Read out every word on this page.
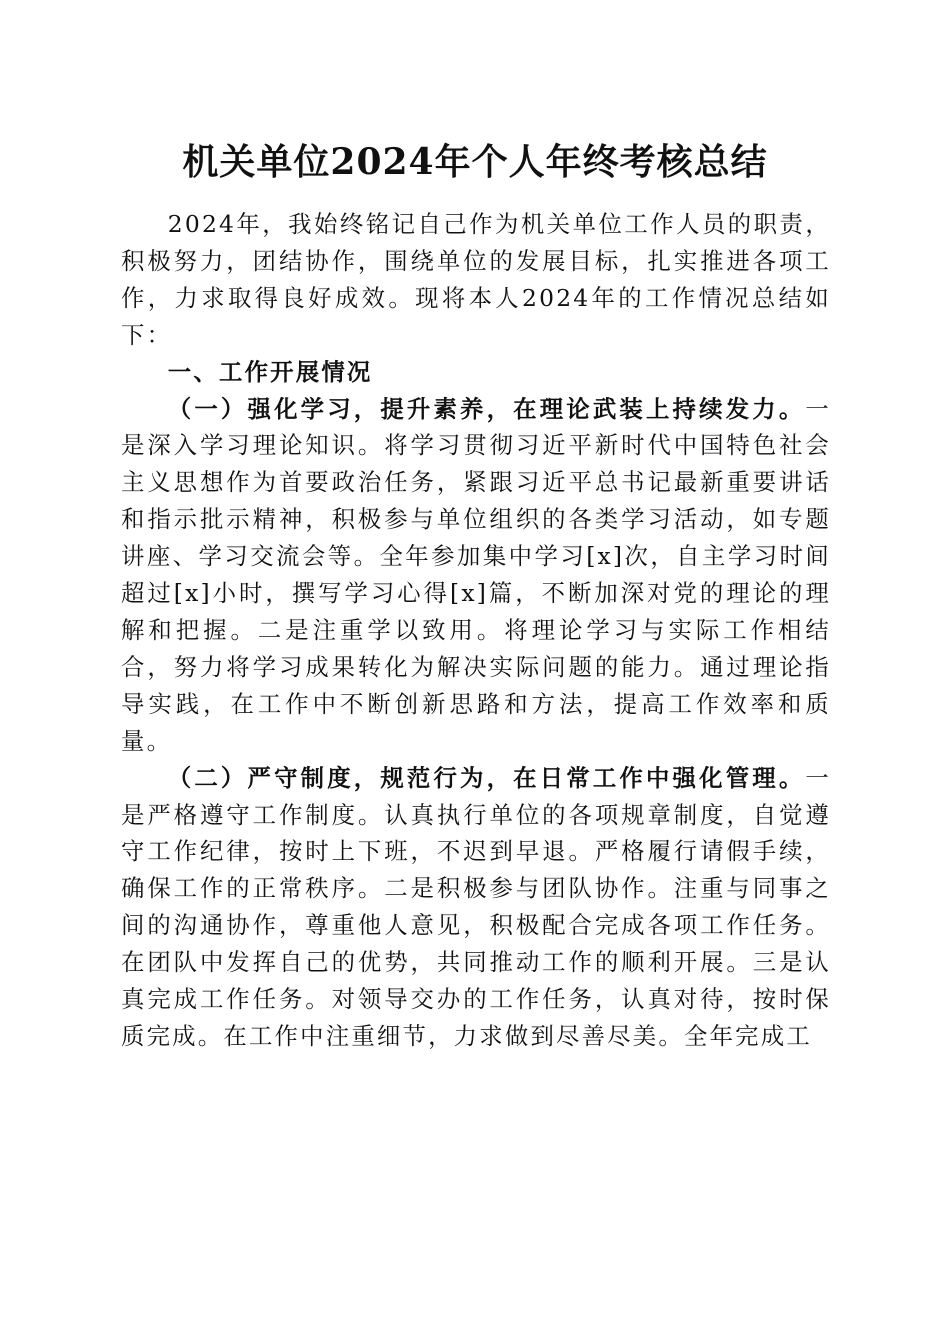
机关单位2024年个人年终考核总结

2024年，我始终铭记自己作为机关单位工作人员的职责，积极努力，团结协作，围绕单位的发展目标，扎实推进各项工作，力求取得良好成效。现将本人2024年的工作情况总结如下：

一、工作开展情况

（一）强化学习，提升素养，在理论武装上持续发力。一是深入学习理论知识。将学习贯彻习近平新时代中国特色社会主义思想作为首要政治任务，紧跟习近平总书记最新重要讲话和指示批示精神，积极参与单位组织的各类学习活动，如专题讲座、学习交流会等。全年参加集中学习[x]次，自主学习时间超过[x]小时，撰写学习心得[x]篇，不断加深对党的理论的理解和把握。二是注重学以致用。将理论学习与实际工作相结合，努力将学习成果转化为解决实际问题的能力。通过理论指导实践，在工作中不断创新思路和方法，提高工作效率和质量。

（二）严守制度，规范行为，在日常工作中强化管理。一是严格遵守工作制度。认真执行单位的各项规章制度，自觉遵守工作纪律，按时上下班，不迟到早退。严格履行请假手续，确保工作的正常秩序。二是积极参与团队协作。注重与同事之间的沟通协作，尊重他人意见，积极配合完成各项工作任务。在团队中发挥自己的优势，共同推动工作的顺利开展。三是认真完成工作任务。对领导交办的工作任务，认真对待，按时保质完成。在工作中注重细节，力求做到尽善尽美。全年完成工
